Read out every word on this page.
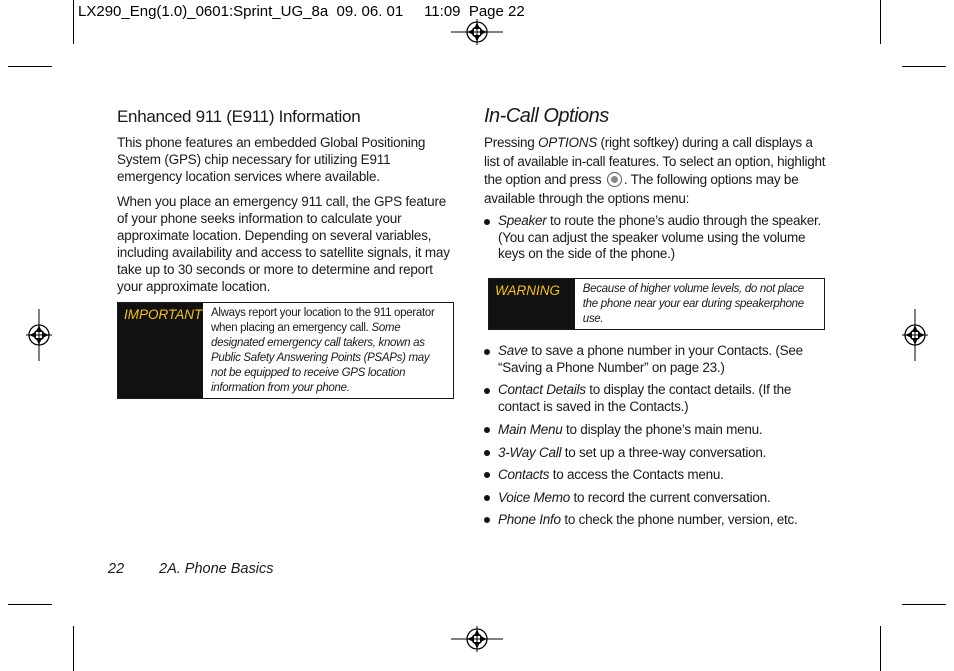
LX290_Eng(1.0)_0601:Sprint_UG_8a  09. 06. 01     11:09  Page 22
Enhanced 911 (E911) Information
This phone features an embedded Global Positioning System (GPS) chip necessary for utilizing E911 emergency location services where available.
When you place an emergency 911 call, the GPS feature of your phone seeks information to calculate your approximate location. Depending on several variables, including availability and access to satellite signals, it may take up to 30 seconds or more to determine and report your approximate location.
IMPORTANT Always report your location to the 911 operator when placing an emergency call. Some designated emergency call takers, known as Public Safety Answering Points (PSAPs) may not be equipped to receive GPS location information from your phone.
In-Call Options
Pressing OPTIONS (right softkey) during a call displays a list of available in-call features. To select an option, highlight the option and press . The following options may be available through the options menu:
Speaker to route the phone’s audio through the speaker. (You can adjust the speaker volume using the volume keys on the side of the phone.)
WARNING	Because of higher volume levels, do not place the phone near your ear during speakerphone use.
Save to save a phone number in your Contacts. (See “Saving a Phone Number” on page 23.)
Contact Details to display the contact details. (If the contact is saved in the Contacts.)
Main Menu to display the phone’s main menu.
3-Way Call to set up a three-way conversation.
Contacts to access the Contacts menu.
Voice Memo to record the current conversation.
Phone Info to check the phone number, version, etc.
22 2A. Phone Basics
